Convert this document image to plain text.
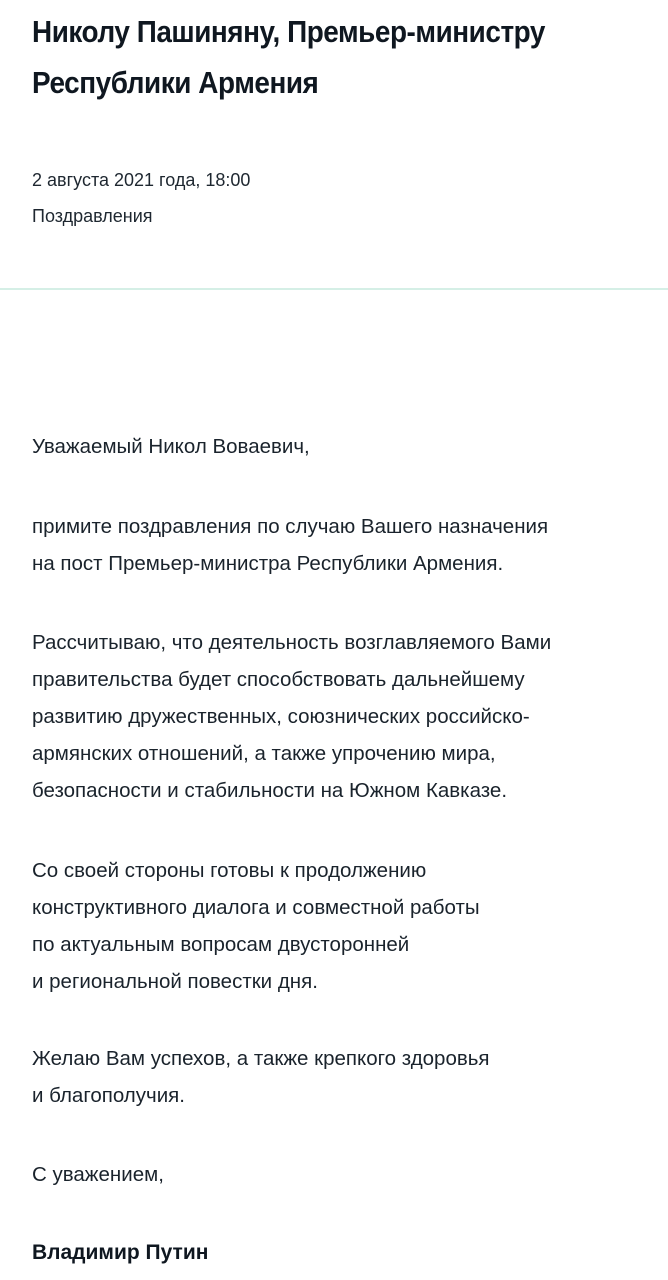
Николу Пашиняну, Премьер-министру
Республики Армения
2 августа 2021 года, 18:00
Поздравления

Уважаемый Никол Воваевич,

примите поздравления по случаю Вашего назначения
на пост Премьер-министра Республики Армения.

Рассчитываю, что деятельность возглавляемого Вами
правительства будет способствовать дальнейшему
развитию дружественных, союзнических российско-
армянских отношений, а также упрочению мира,
безопасности и стабильности на Южном Кавказе.

Со своей стороны готовы к продолжению
конструктивного диалога и совместной работы
по актуальным вопросам двусторонней
и региональной повестки дня.

Желаю Вам успехов, а также крепкого здоровья
и благополучия.

С уважением,

Владимир Путин
